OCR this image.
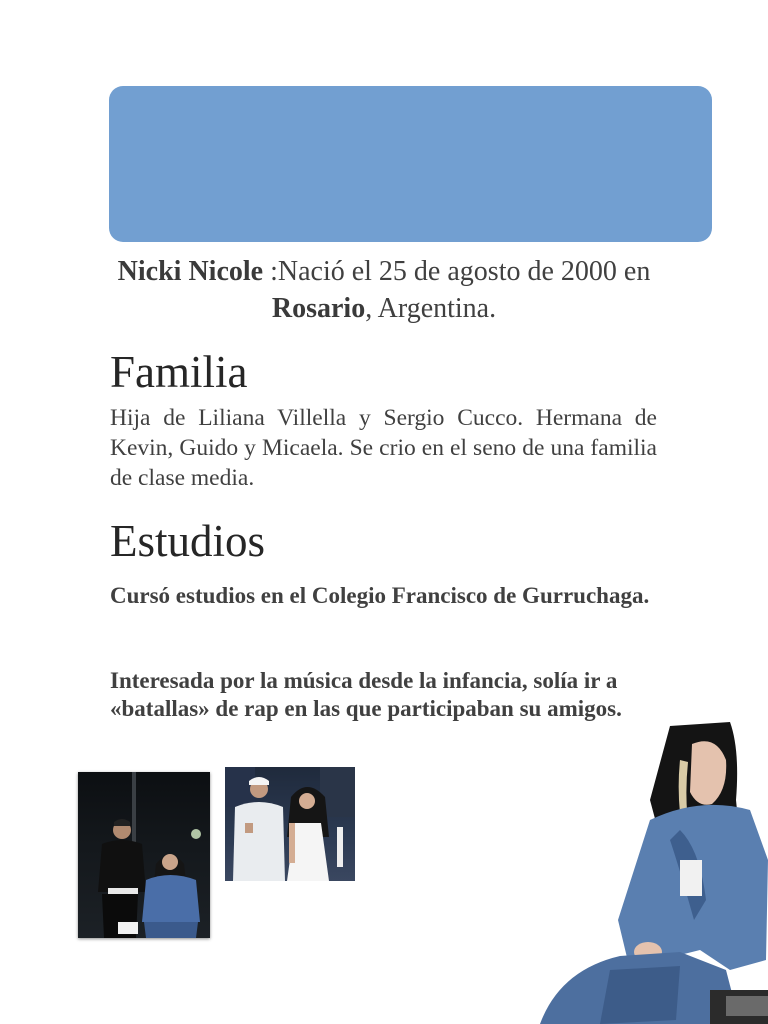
Nicki Nicole :Nació el 25 de agosto de 2000 en Rosario, Argentina.
Familia

Hija de Liliana Villella y Sergio Cucco. Hermana de Kevin, Guido y Micaela. Se crio en el seno de una familia de clase media.

Estudios

Cursó estudios en el Colegio Francisco de Gurruchaga.

Interesada por la música desde la infancia, solía ir a «batallas» de rap en las que participaban su amigos.
